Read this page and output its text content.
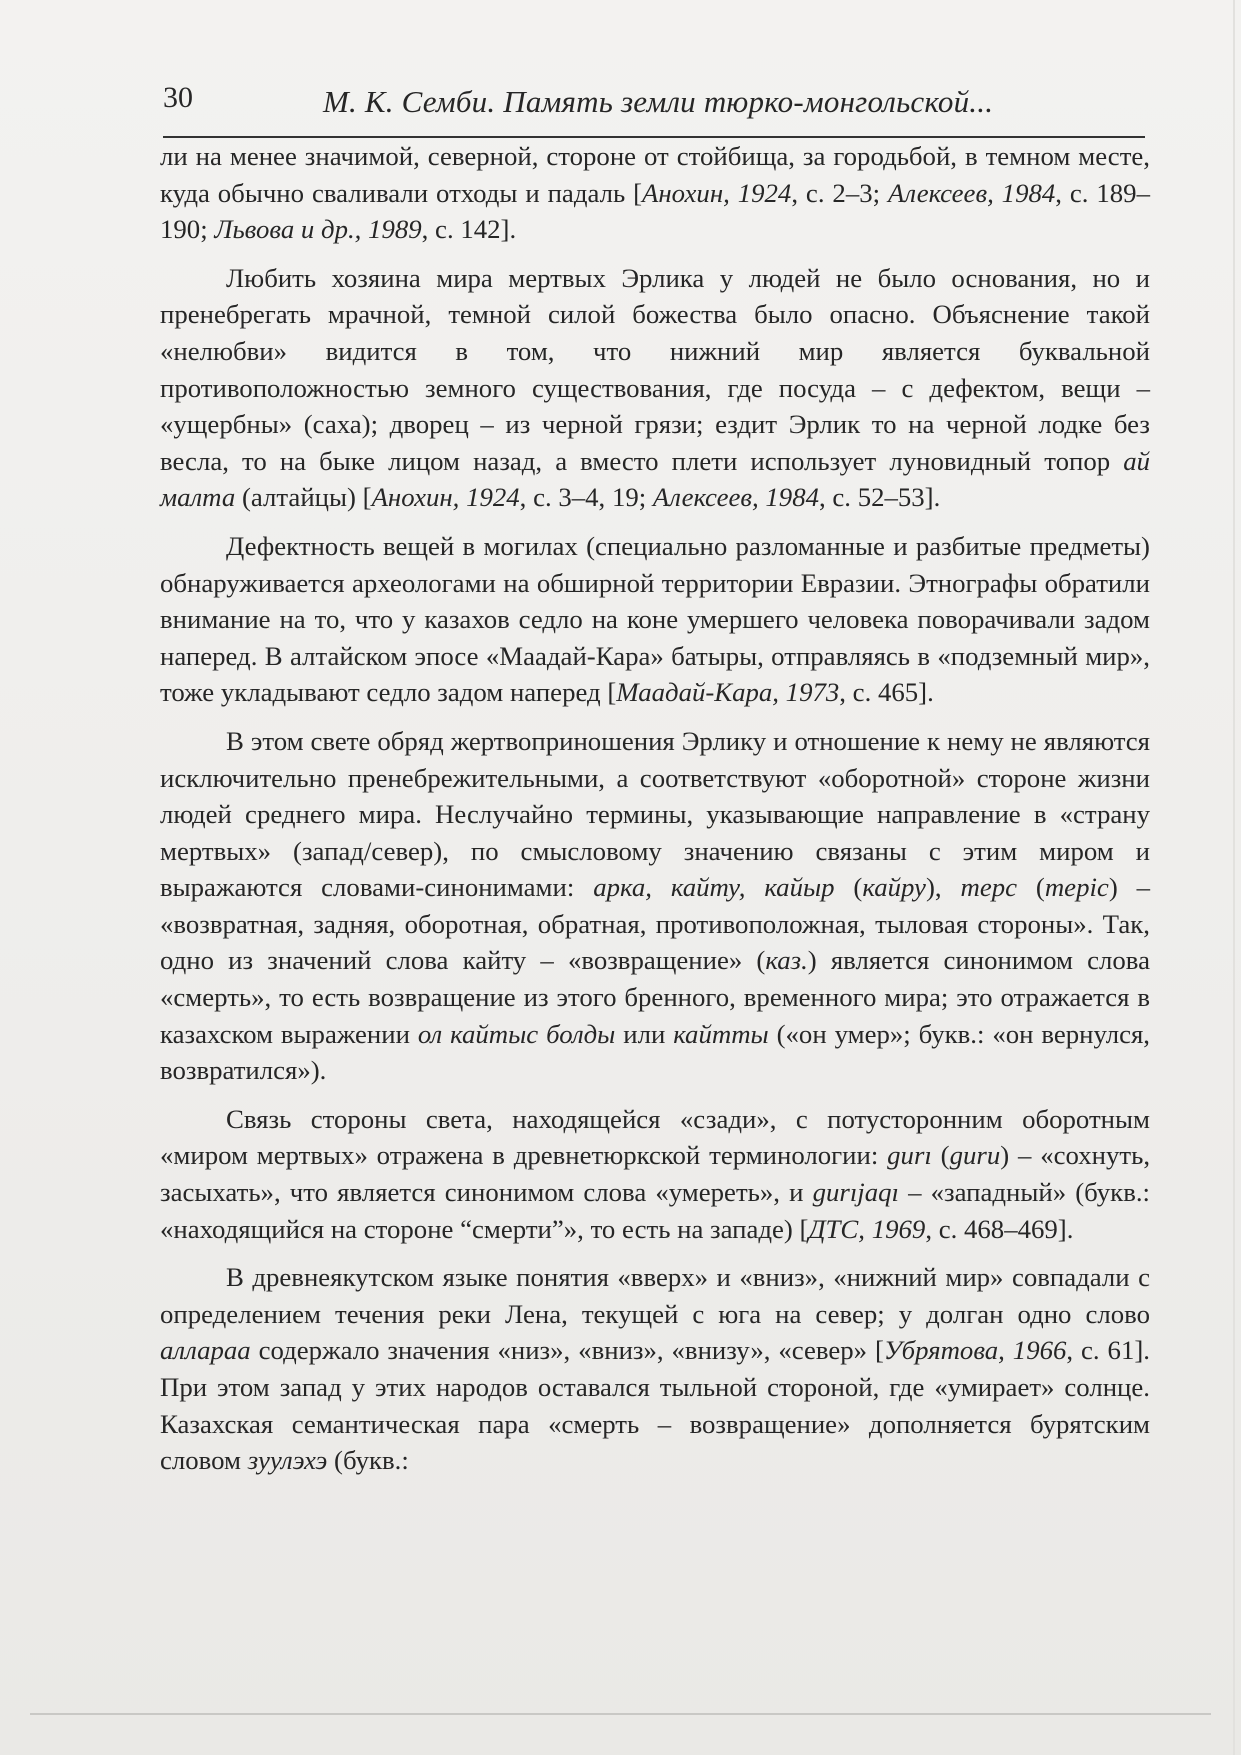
30	М. К. Семби. Память земли тюрко-монгольской...

ли на менее значимой, северной, стороне от стойбища, за городьбой, в темном месте, куда обычно сваливали отходы и падаль [Анохин, 1924, с. 2–3; Алексеев, 1984, с. 189–190; Львова и др., 1989, с. 142].

Любить хозяина мира мертвых Эрлика у людей не было основания, но и пренебрегать мрачной, темной силой божества было опасно. Объяснение такой «нелюбви» видится в том, что нижний мир является буквальной противоположностью земного существования, где посуда – с дефектом, вещи – «ущербны» (саха); дворец – из черной грязи; ездит Эрлик то на черной лодке без весла, то на быке лицом назад, а вместо плети использует луновидный топор ай малта (алтайцы) [Анохин, 1924, с. 3–4, 19; Алексеев, 1984, с. 52–53].

Дефектность вещей в могилах (специально разломанные и разбитые предметы) обнаруживается археологами на обширной территории Евразии. Этнографы обратили внимание на то, что у казахов седло на коне умершего человека поворачивали задом наперед. В алтайском эпосе «Маадай-Кара» батыры, отправляясь в «подземный мир», тоже укладывают седло задом наперед [Маадай-Кара, 1973, с. 465].

В этом свете обряд жертвоприношения Эрлику и отношение к нему не являются исключительно пренебрежительными, а соответствуют «оборотной» стороне жизни людей среднего мира. Неслучайно термины, указывающие направление в «страну мертвых» (запад/север), по смысловому значению связаны с этим миром и выражаются словами-синонимами: арка, кайту, кайыр (кайру), терс (теріс) – «возвратная, задняя, оборотная, обратная, противоположная, тыловая стороны». Так, одно из значений слова кайту – «возвращение» (каз.) является синонимом слова «смерть», то есть возвращение из этого бренного, временного мира; это отражается в казахском выражении ол кайтыс болды или кайтты («он умер»; букв.: «он вернулся, возвратился»).

Связь стороны света, находящейся «сзади», с потусторонним оборотным «миром мертвых» отражена в древнетюркской терминологии: gurı (guru) – «сохнуть, засыхать», что является синонимом слова «умереть», и gurıjaqı – «западный» (букв.: «находящийся на стороне “смерти”», то есть на западе) [ДТС, 1969, с. 468–469].

В древнеякутском языке понятия «вверх» и «вниз», «нижний мир» совпадали с определением течения реки Лена, текущей с юга на север; у долган одно слово алларaа содержало значения «низ», «вниз», «внизу», «север» [Убрятова, 1966, с. 61]. При этом запад у этих народов оставался тыльной стороной, где «умирает» солнце. Казахская семантическая пара «смерть – возвращение» дополняется бурятским словом зуулэхэ (букв.:
